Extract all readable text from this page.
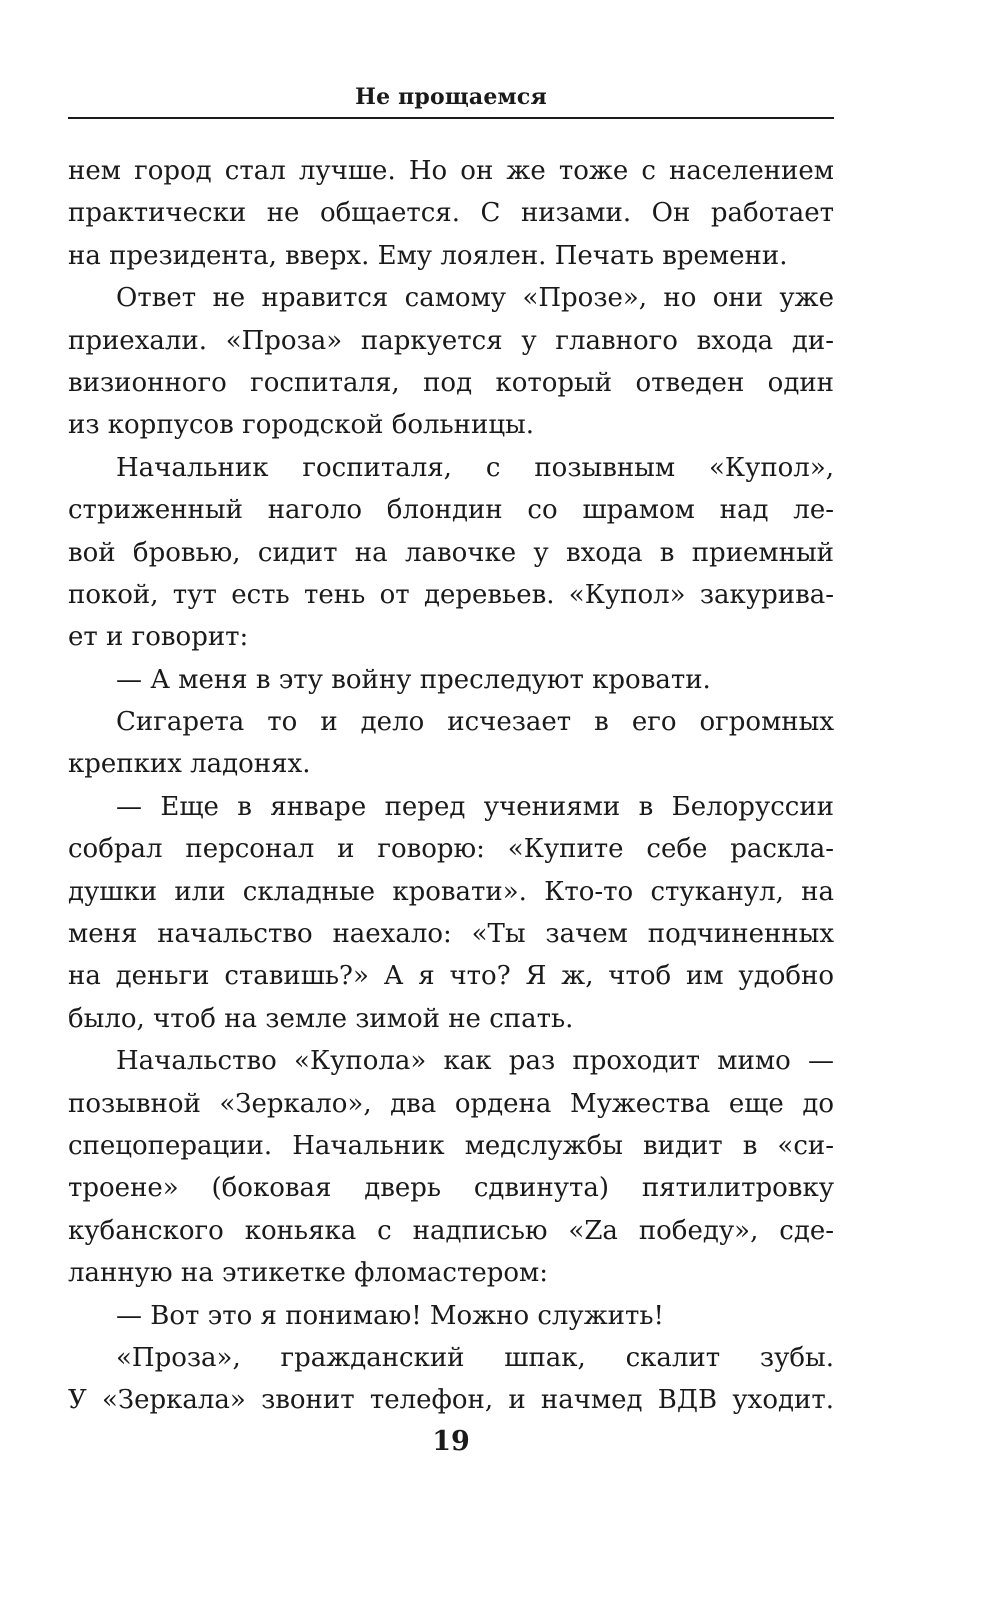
Не прощаемся
нем город стал лучше. Но он же тоже с населением
практически не общается. С низами. Он работает
на президента, вверх. Ему лоялен. Печать времени.
Ответ не нравится самому «Прозе», но они уже
приехали. «Проза» паркуется у главного входа ди-
визионного госпиталя, под который отведен один
из корпусов городской больницы.
Начальник госпиталя, с позывным «Купол»,
стриженный наголо блондин со шрамом над ле-
вой бровью, сидит на лавочке у входа в приемный
покой, тут есть тень от деревьев. «Купол» закурива-
ет и говорит:
— А меня в эту войну преследуют кровати.
Сигарета то и дело исчезает в его огромных
крепких ладонях.
— Еще в январе перед учениями в Белоруссии
собрал персонал и говорю: «Купите себе раскла-
душки или складные кровати». Кто-то стуканул, на
меня начальство наехало: «Ты зачем подчиненных
на деньги ставишь?» А я что? Я ж, чтоб им удобно
было, чтоб на земле зимой не спать.
Начальство «Купола» как раз проходит мимо —
позывной «Зеркало», два ордена Мужества еще до
спецоперации. Начальник медслужбы видит в «си-
троене» (боковая дверь сдвинута) пятилитровку
кубанского коньяка с надписью «Za победу», сде-
ланную на этикетке фломастером:
— Вот это я понимаю! Можно служить!
«Проза», гражданский шпак, скалит зубы.
У «Зеркала» звонит телефон, и начмед ВДВ уходит.
19
